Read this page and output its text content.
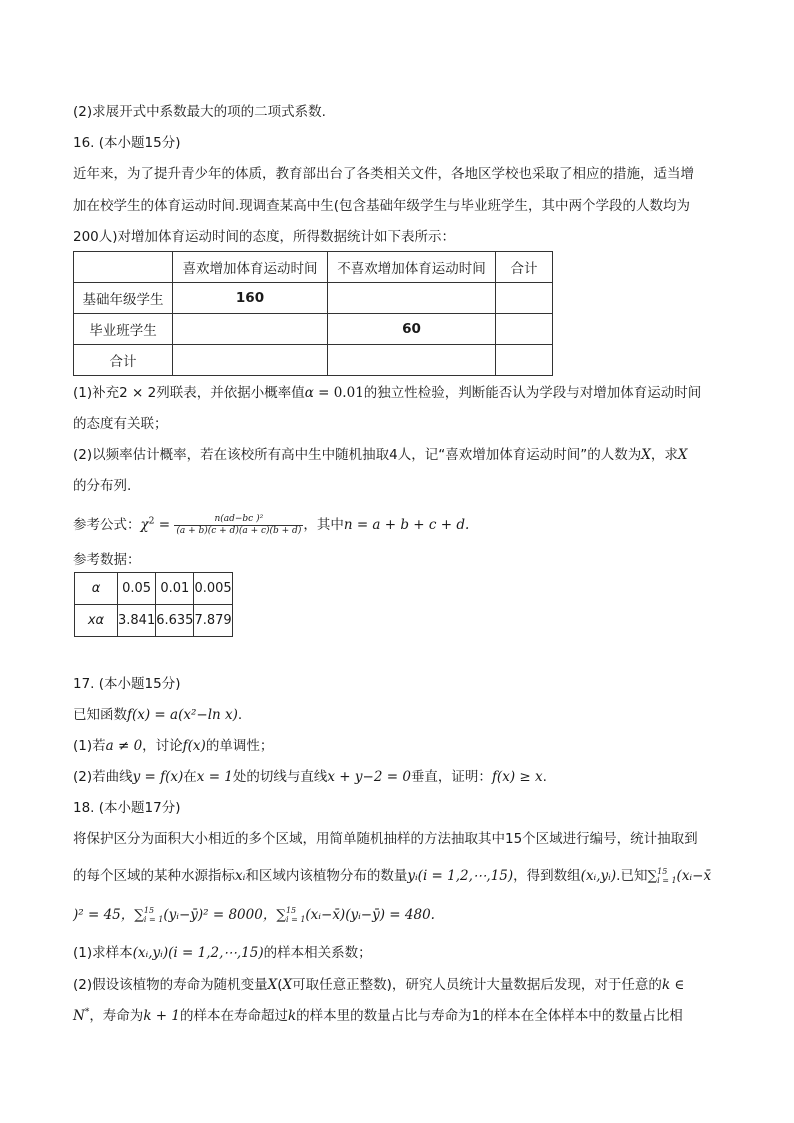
(2)求展开式中系数最大的项的二项式系数.
16. (本小题15分)
近年来，为了提升青少年的体质，教育部出台了各类相关文件，各地区学校也采取了相应的措施，适当增
加在校学生的体育运动时间.现调查某高中生(包含基础年级学生与毕业班学生，其中两个学段的人数均为
200人)对增加体育运动时间的态度，所得数据统计如下表所示：
	喜欢增加体育运动时间	不喜欢增加体育运动时间	合计
基础年级学生	160		
毕业班学生		60	
合计			
(1)补充2 × 2列联表，并依据小概率值α = 0.01的独立性检验，判断能否认为学段与对增加体育运动时间
的态度有关联；
(2)以频率估计概率，若在该校所有高中生中随机抽取4人，记“喜欢增加体育运动时间”的人数为X，求X
的分布列.
参考公式：$\chi^2 = \frac{\text{n(ad−bc )²}}{(a + b)(c + d)(a + c)(b + d)}$ ，其中n = a + b + c + d.
参考数据：
α	0.05	0.01	0.005
xα	3.841	6.635	7.879
17. (本小题15分)
已知函数f(x) = a(x²−ln x).
(1)若a ≠ 0，讨论f(x)的单调性；
(2)若曲线y = f(x)在x = 1处的切线与直线x + y−2 = 0垂直，证明：f(x) ≥ x.
18. (本小题17分)
将保护区分为面积大小相近的多个区域，用简单随机抽样的方法抽取其中15个区域进行编号，统计抽取到
的每个区域的某种水源指标xᵢ和区域内该植物分布的数量yᵢ(i = 1,2,⋯,15)，得到数组(xᵢ,yᵢ).已知∑ 15
i = 1 (xᵢ−x̄
)² = 45，∑ 15
i = 1 (yᵢ−ȳ)² = 8000，∑ 15
i = 1 (xᵢ−x̄)(yᵢ−ȳ) = 480.
(1)求样本(xᵢ,yᵢ)(i = 1,2,⋯,15)的样本相关系数；
(2)假设该植物的寿命为随机变量X(X可取任意正整数)，研究人员统计大量数据后发现，对于任意的k ∈
N*，寿命为k + 1的样本在寿命超过k的样本里的数量占比与寿命为1的样本在全体样本中的数量占比相
